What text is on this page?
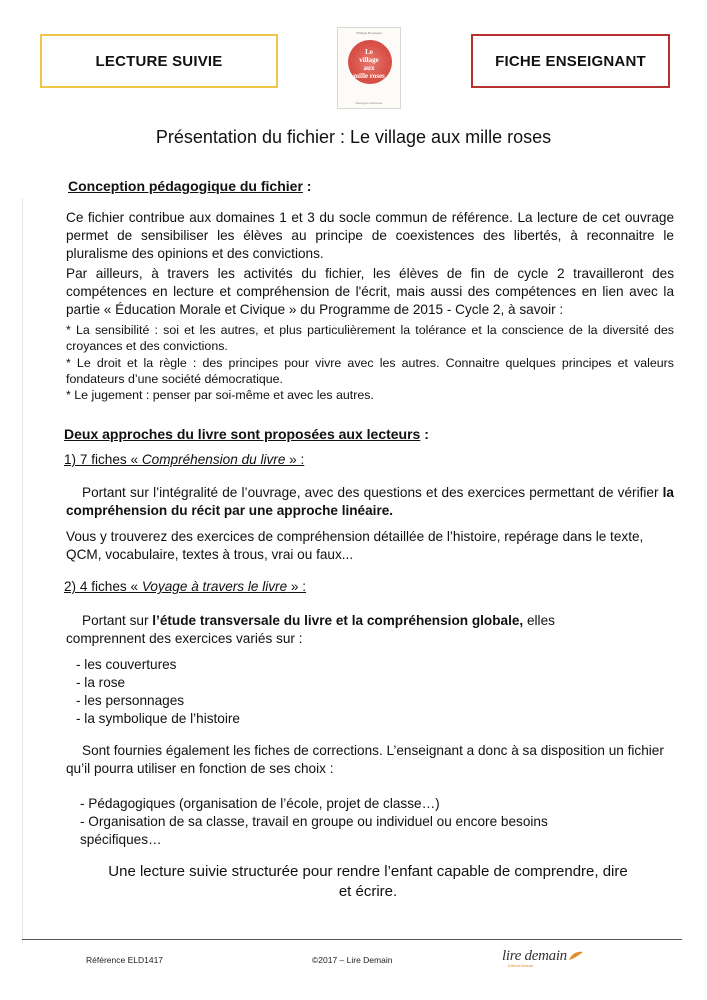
LECTURE SUIVIE
Philippe Rousseau
Le
village
aux
mille roses
Rouergue Jeunesse
FICHE ENSEIGNANT
Présentation du fichier : Le village aux mille roses
Conception pédagogique du fichier :
Ce fichier contribue aux domaines 1 et 3 du socle commun de référence. La lecture de cet ouvrage permet de sensibiliser les élèves au principe de coexistences des libertés, à reconnaitre le pluralisme des opinions et des convictions.
Par ailleurs, à travers les activités du fichier, les élèves de fin de cycle 2 travailleront des compétences en lecture et compréhension de l'écrit, mais aussi des compétences en lien avec la partie « Éducation Morale et Civique » du Programme de 2015 - Cycle 2, à savoir :
* La sensibilité : soi et les autres, et plus particulièrement la tolérance et la conscience de la diversité des croyances et des convictions.
* Le droit et la règle : des principes pour vivre avec les autres. Connaitre quelques principes et valeurs fondateurs d’une société démocratique.
* Le jugement : penser par soi-même et avec les autres.
Deux approches du livre sont proposées aux lecteurs :
1) 7 fiches « Compréhension du livre » :
Portant sur l’intégralité de l’ouvrage, avec des questions et des exercices permettant de vérifier la compréhension du récit par une approche linéaire.
Vous y trouverez des exercices de compréhension détaillée de l’histoire, repérage dans le texte, QCM, vocabulaire, textes à trous, vrai ou faux...
2) 4 fiches « Voyage à travers le livre » :
Portant sur l’étude transversale du livre et la compréhension globale, elles comprennent des exercices variés sur :
- les couvertures
- la rose
- les personnages
- la symbolique de l’histoire
Sont fournies également les fiches de corrections. L’enseignant a donc à sa disposition un fichier qu’il pourra utiliser en fonction de ses choix :
- Pédagogiques (organisation de l’école, projet de classe…)
- Organisation de sa classe, travail en groupe ou individuel ou encore besoins spécifiques…
Une lecture suivie structurée pour rendre l’enfant capable de comprendre, dire et écrire.
Référence ELD1417	©2017 – Lire Demain	lire demain
Editions Beaucé
